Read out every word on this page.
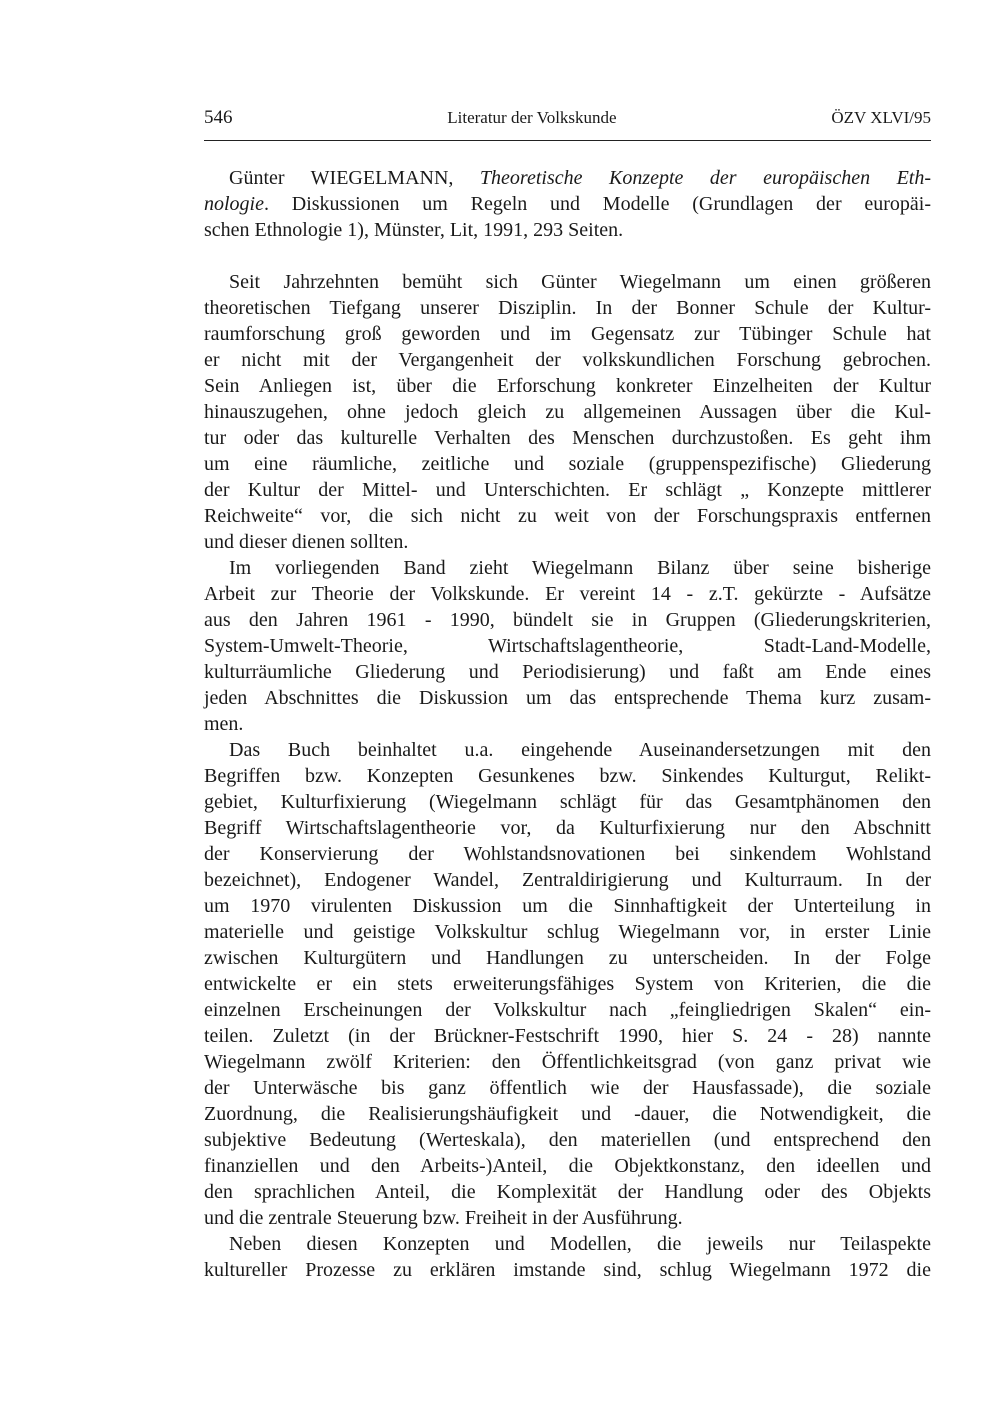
546	Literatur der Volkskunde	ÖZV XLVI/95
Günter WIEGELMANN, Theoretische Konzepte der europäischen Eth-
nologie. Diskussionen um Regeln und Modelle (Grundlagen der europäi-
schen Ethnologie 1), Münster, Lit, 1991, 293 Seiten.

Seit Jahrzehnten bemüht sich Günter Wiegelmann um einen größeren
theoretischen Tiefgang unserer Disziplin. In der Bonner Schule der Kultur-
raumforschung groß geworden und im Gegensatz zur Tübinger Schule hat
er nicht mit der Vergangenheit der volkskundlichen Forschung gebrochen.
Sein Anliegen ist, über die Erforschung konkreter Einzelheiten der Kultur
hinauszugehen, ohne jedoch gleich zu allgemeinen Aussagen über die Kul-
tur oder das kulturelle Verhalten des Menschen durchzustoßen. Es geht ihm
um eine räumliche, zeitliche und soziale (gruppenspezifische) Gliederung
der Kultur der Mittel- und Unterschichten. Er schlägt „ Konzepte mittlerer
Reichweite“ vor, die sich nicht zu weit von der Forschungspraxis entfernen
und dieser dienen sollten.

Im vorliegenden Band zieht Wiegelmann Bilanz über seine bisherige
Arbeit zur Theorie der Volkskunde. Er vereint 14 - z.T. gekürzte - Aufsätze
aus den Jahren 1961 - 1990, bündelt sie in Gruppen (Gliederungskriterien,
System-Umwelt-Theorie, Wirtschaftslagentheorie, Stadt-Land-Modelle,
kulturräumliche Gliederung und Periodisierung) und faßt am Ende eines
jeden Abschnittes die Diskussion um das entsprechende Thema kurz zusam-
men.

Das Buch beinhaltet u.a. eingehende Auseinandersetzungen mit den
Begriffen bzw. Konzepten Gesunkenes bzw. Sinkendes Kulturgut, Relikt-
gebiet, Kulturfixierung (Wiegelmann schlägt für das Gesamtphänomen den
Begriff Wirtschaftslagentheorie vor, da Kulturfixierung nur den Abschnitt
der Konservierung der Wohlstandsnovationen bei sinkendem Wohlstand
bezeichnet), Endogener Wandel, Zentraldirigierung und Kulturraum. In der
um 1970 virulenten Diskussion um die Sinnhaftigkeit der Unterteilung in
materielle und geistige Volkskultur schlug Wiegelmann vor, in erster Linie
zwischen Kulturgütern und Handlungen zu unterscheiden. In der Folge
entwickelte er ein stets erweiterungsfähiges System von Kriterien, die die
einzelnen Erscheinungen der Volkskultur nach „feingliedrigen Skalen“ ein-
teilen. Zuletzt (in der Brückner-Festschrift 1990, hier S. 24 - 28) nannte
Wiegelmann zwölf Kriterien: den Öffentlichkeitsgrad (von ganz privat wie
der Unterwäsche bis ganz öffentlich wie der Hausfassade), die soziale
Zuordnung, die Realisierungshäufigkeit und -dauer, die Notwendigkeit, die
subjektive Bedeutung (Werteskala), den materiellen (und entsprechend den
finanziellen und den Arbeits-)Anteil, die Objektkonstanz, den ideellen und
den sprachlichen Anteil, die Komplexität der Handlung oder des Objekts
und die zentrale Steuerung bzw. Freiheit in der Ausführung.

Neben diesen Konzepten und Modellen, die jeweils nur Teilaspekte
kultureller Prozesse zu erklären imstande sind, schlug Wiegelmann 1972 die
